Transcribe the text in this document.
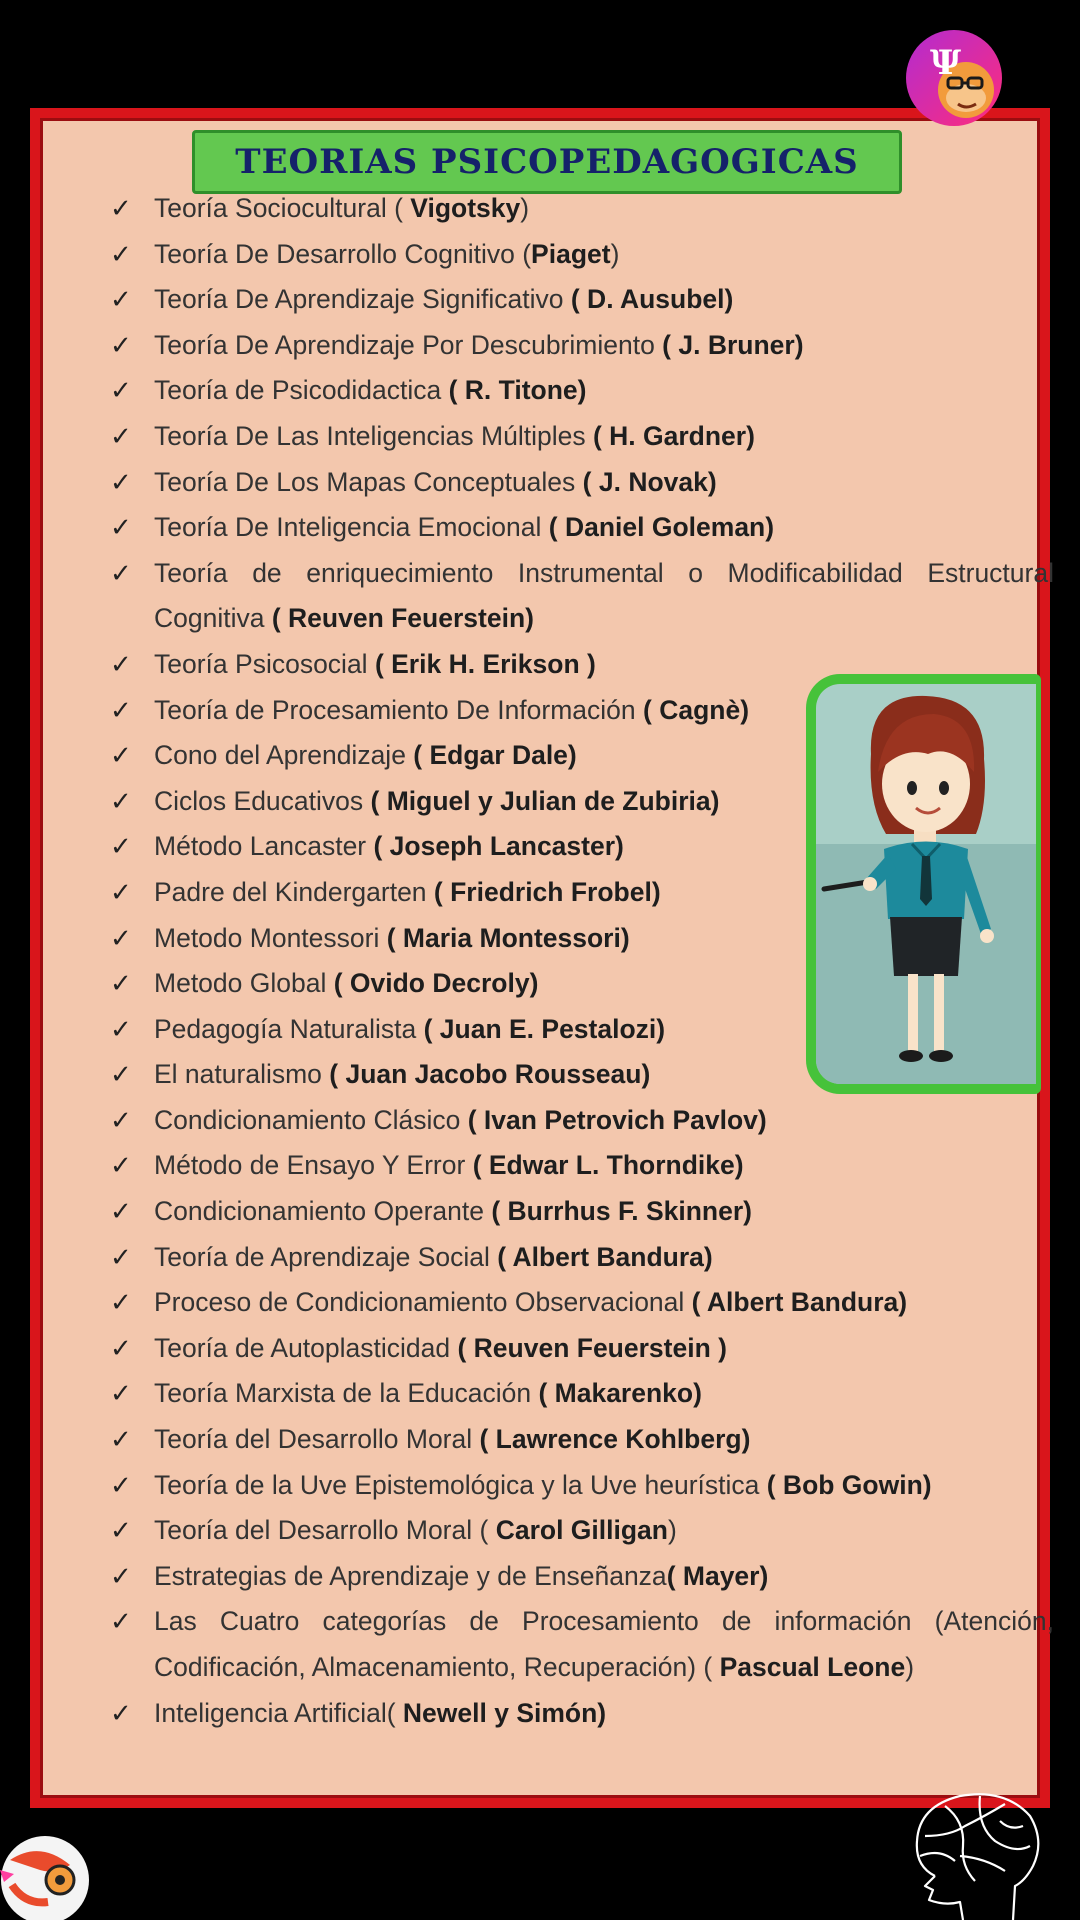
TEORIAS PSICOPEDAGOGICAS
✓ Teoría Sociocultural ( Vigotsky)
✓ Teoría De Desarrollo Cognitivo (Piaget)
✓ Teoría De Aprendizaje Significativo ( D. Ausubel)
✓ Teoría De Aprendizaje Por Descubrimiento ( J. Bruner)
✓ Teoría de Psicodidactica ( R. Titone)
✓ Teoría De Las Inteligencias Múltiples ( H. Gardner)
✓ Teoría De Los Mapas Conceptuales ( J. Novak)
✓ Teoría De Inteligencia Emocional ( Daniel Goleman)
✓ Teoría de enriquecimiento Instrumental o Modificabilidad Estructural Cognitiva ( Reuven Feuerstein)
✓ Teoría Psicosocial ( Erik H. Erikson )
✓ Teoría de Procesamiento De Información ( Cagnè)
✓ Cono del Aprendizaje ( Edgar Dale)
✓ Ciclos Educativos ( Miguel y Julian de Zubiria)
✓ Método Lancaster ( Joseph Lancaster)
✓ Padre del Kindergarten ( Friedrich Frobel)
✓ Metodo Montessori ( Maria Montessori)
✓ Metodo Global ( Ovido Decroly)
✓ Pedagogía Naturalista ( Juan E. Pestalozi)
✓ El naturalismo ( Juan Jacobo Rousseau)
✓ Condicionamiento Clásico ( Ivan Petrovich Pavlov)
✓ Método de Ensayo Y Error ( Edwar L. Thorndike)
✓ Condicionamiento Operante ( Burrhus F. Skinner)
✓ Teoría de Aprendizaje Social ( Albert Bandura)
✓ Proceso de Condicionamiento Observacional ( Albert Bandura)
✓ Teoría de Autoplasticidad ( Reuven Feuerstein )
✓ Teoría Marxista de la Educación ( Makarenko)
✓ Teoría del Desarrollo Moral ( Lawrence Kohlberg)
✓ Teoría de la Uve Epistemológica y la Uve heurística ( Bob Gowin)
✓ Teoría del Desarrollo Moral ( Carol Gilligan)
✓ Estrategias de Aprendizaje y de Enseñanza( Mayer)
✓ Las Cuatro categorías de Procesamiento de información (Atención, Codificación, Almacenamiento, Recuperación) ( Pascual Leone)
✓ Inteligencia Artificial( Newell y Simón)
Ψ
